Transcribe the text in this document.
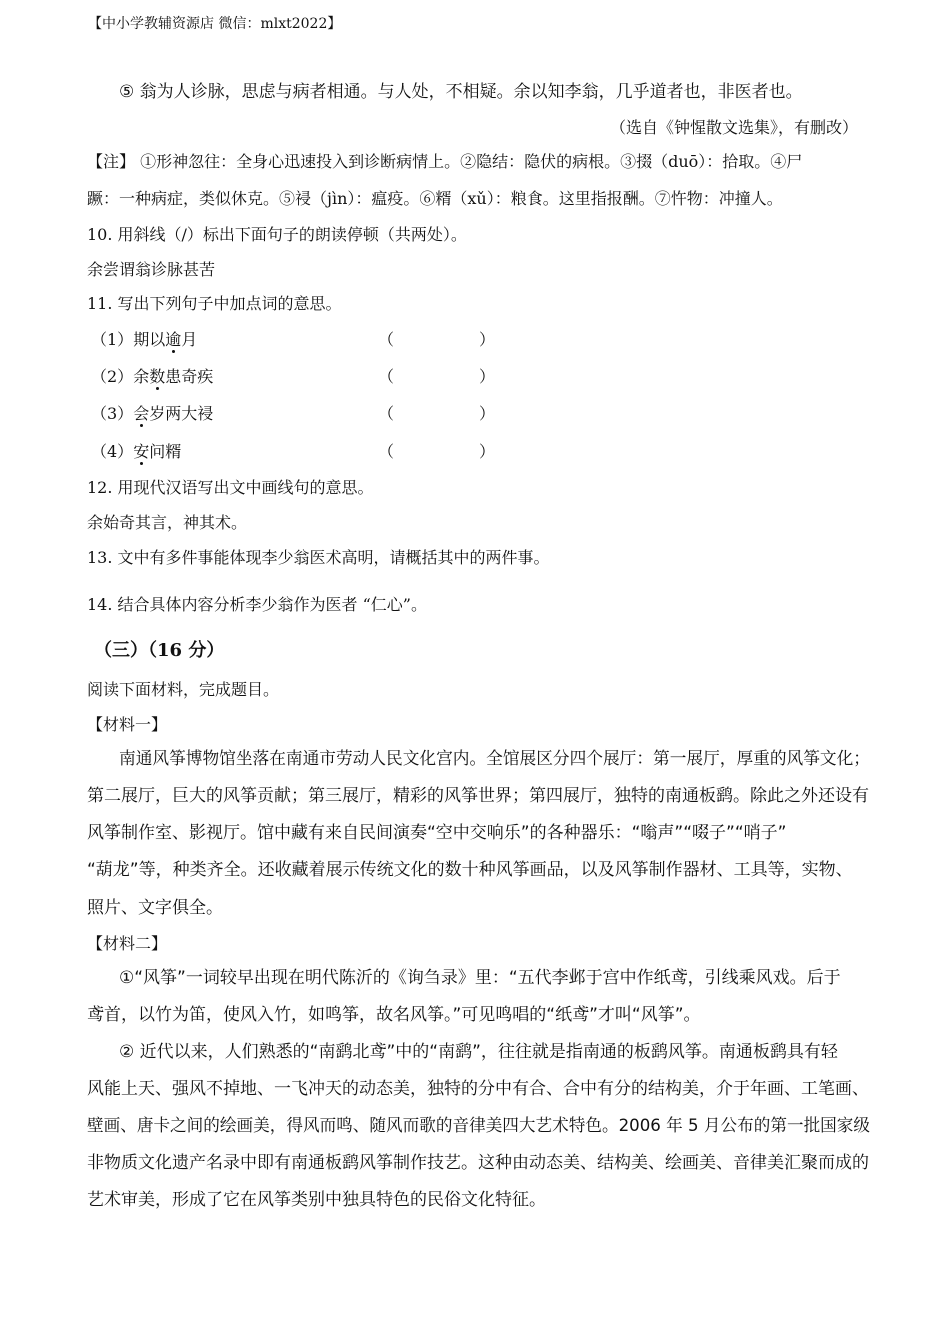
【中小学教辅资源店 微信：mlxt2022】
⑤ 翁为人诊脉，思虑与病者相通。与人处，不相疑。余以知李翁，几乎道者也，非医者也。
（选自《钟惺散文选集》，有删改）
【注】 ①形神忽往：全身心迅速投入到诊断病情上。②隐结：隐伏的病根。③掇（duō）：拾取。④尸
蹶：一种病症，类似休克。⑤祲（jìn）：瘟疫。⑥糈（xǔ）：粮食。这里指报酬。⑦忤物：冲撞人。
10. 用斜线（/）标出下面句子的朗读停顿（共两处）。
余尝谓翁诊脉甚苦
11. 写出下列句子中加点词的意思。
（1）期以逾月	（	）
（2）余数患奇疾	（	）
（3）会岁两大祲	（	）
（4）安问糈	（	）
12. 用现代汉语写出文中画线句的意思。
余始奇其言，神其术。
13. 文中有多件事能体现李少翁医术高明，请概括其中的两件事。
14. 结合具体内容分析李少翁作为医者 “仁心”。
（三）（16 分）
阅读下面材料，完成题目。
【材料一】
南通风筝博物馆坐落在南通市劳动人民文化宫内。全馆展区分四个展厅：第一展厅，厚重的风筝文化；
第二展厅，巨大的风筝贡献；第三展厅，精彩的风筝世界；第四展厅，独特的南通板鹞。除此之外还设有
风筝制作室、影视厅。馆中藏有来自民间演奏“空中交响乐”的各种器乐：“嗡声”“啜子”“哨子”
“葫龙”等，种类齐全。还收藏着展示传统文化的数十种风筝画品，以及风筝制作器材、工具等，实物、
照片、文字俱全。
【材料二】
①“风筝”一词较早出现在明代陈沂的《询刍录》里：“五代李邺于宫中作纸鸢，引线乘风戏。后于
鸢首，以竹为笛，使风入竹，如鸣筝，故名风筝。”可见鸣唱的“纸鸢”才叫“风筝”。
② 近代以来，人们熟悉的“南鹞北鸢”中的“南鹞”，往往就是指南通的板鹞风筝。南通板鹞具有轻
风能上天、强风不掉地、一飞冲天的动态美，独特的分中有合、合中有分的结构美，介于年画、工笔画、
壁画、唐卡之间的绘画美，得风而鸣、随风而歌的音律美四大艺术特色。2006 年 5 月公布的第一批国家级
非物质文化遗产名录中即有南通板鹞风筝制作技艺。这种由动态美、结构美、绘画美、音律美汇聚而成的
艺术审美，形成了它在风筝类别中独具特色的民俗文化特征。
